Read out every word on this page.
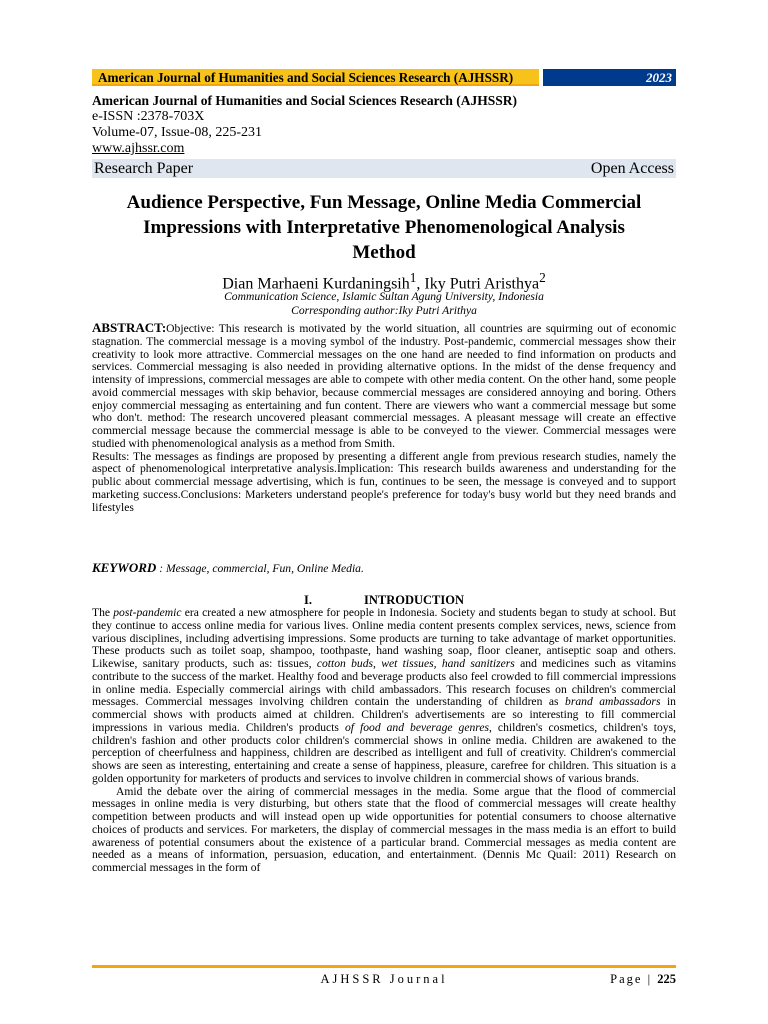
American Journal of Humanities and Social Sciences Research (AJHSSR)	2023
American Journal of Humanities and Social Sciences Research (AJHSSR)
e-ISSN :2378-703X
Volume-07, Issue-08, 225-231
www.ajhssr.com
Research Paper	Open Access
Audience Perspective, Fun Message, Online Media Commercial
Impressions with Interpretative Phenomenological Analysis
Method
Dian Marhaeni Kurdaningsih$^1$, Iky Putri Aristhya$^2$
Communication Science, Islamic Sultan Agung University, Indonesia
Corresponding author:Iky Putri Arithya
ABSTRACT:Objective: This research is motivated by the world situation, all countries are squirming out of economic stagnation. The commercial message is a moving symbol of the industry. Post-pandemic, commercial messages show their creativity to look more attractive. Commercial messages on the one hand are needed to find information on products and services. Commercial messaging is also needed in providing alternative options. In the midst of the dense frequency and intensity of impressions, commercial messages are able to compete with other media content. On the other hand, some people avoid commercial messages with skip behavior, because commercial messages are considered annoying and boring. Others enjoy commercial messaging as entertaining and fun content. There are viewers who want a commercial message but some who don't. method: The research uncovered pleasant commercial messages. A pleasant message will create an effective commercial message because the commercial message is able to be conveyed to the viewer. Commercial messages were studied with phenomenological analysis as a method from Smith.
Results: The messages as findings are proposed by presenting a different angle from previous research studies, namely the aspect of phenomenological interpretative analysis.Implication: This research builds awareness and understanding for the public about commercial message advertising, which is fun, continues to be seen, the message is conveyed and to support marketing success.Conclusions: Marketers understand people's preference for today's busy world but they need brands and lifestyles
KEYWORD : Message, commercial, Fun, Online Media.
I.	INTRODUCTION

The post-pandemic era created a new atmosphere for people in Indonesia. Society and students began to study at school. But they continue to access online media for various lives. Online media content presents complex services, news, science from various disciplines, including advertising impressions. Some products are turning to take advantage of market opportunities. These products such as toilet soap, shampoo, toothpaste, hand washing soap, floor cleaner, antiseptic soap and others. Likewise, sanitary products, such as: tissues, cotton buds, wet tissues, hand sanitizers and medicines such as vitamins contribute to the success of the market. Healthy food and beverage products also feel crowded to fill commercial impressions in online media. Especially commercial airings with child ambassadors. This research focuses on children's commercial messages. Commercial messages involving children contain the understanding of children as brand ambassadors in commercial shows with products aimed at children. Children's advertisements are so interesting to fill commercial impressions in various media. Children's products of food and beverage genres, children's cosmetics, children's toys, children's fashion and other products color children's commercial shows in online media. Children are awakened to the perception of cheerfulness and happiness, children are described as intelligent and full of creativity. Children's commercial shows are seen as interesting, entertaining and create a sense of happiness, pleasure, carefree for children. This situation is a golden opportunity for marketers of products and services to involve children in commercial shows of various brands.

Amid the debate over the airing of commercial messages in the media. Some argue that the flood of commercial messages in online media is very disturbing, but others state that the flood of commercial messages will create healthy competition between products and will instead open up wide opportunities for potential consumers to choose alternative choices of products and services. For marketers, the display of commercial messages in the mass media is an effort to build awareness of potential consumers about the existence of a particular brand. Commercial messages as media content are needed as a means of information, persuasion, education, and entertainment. (Dennis Mc Quail: 2011) Research on commercial messages in the form of

AJHSSR Journal	Page | 225
